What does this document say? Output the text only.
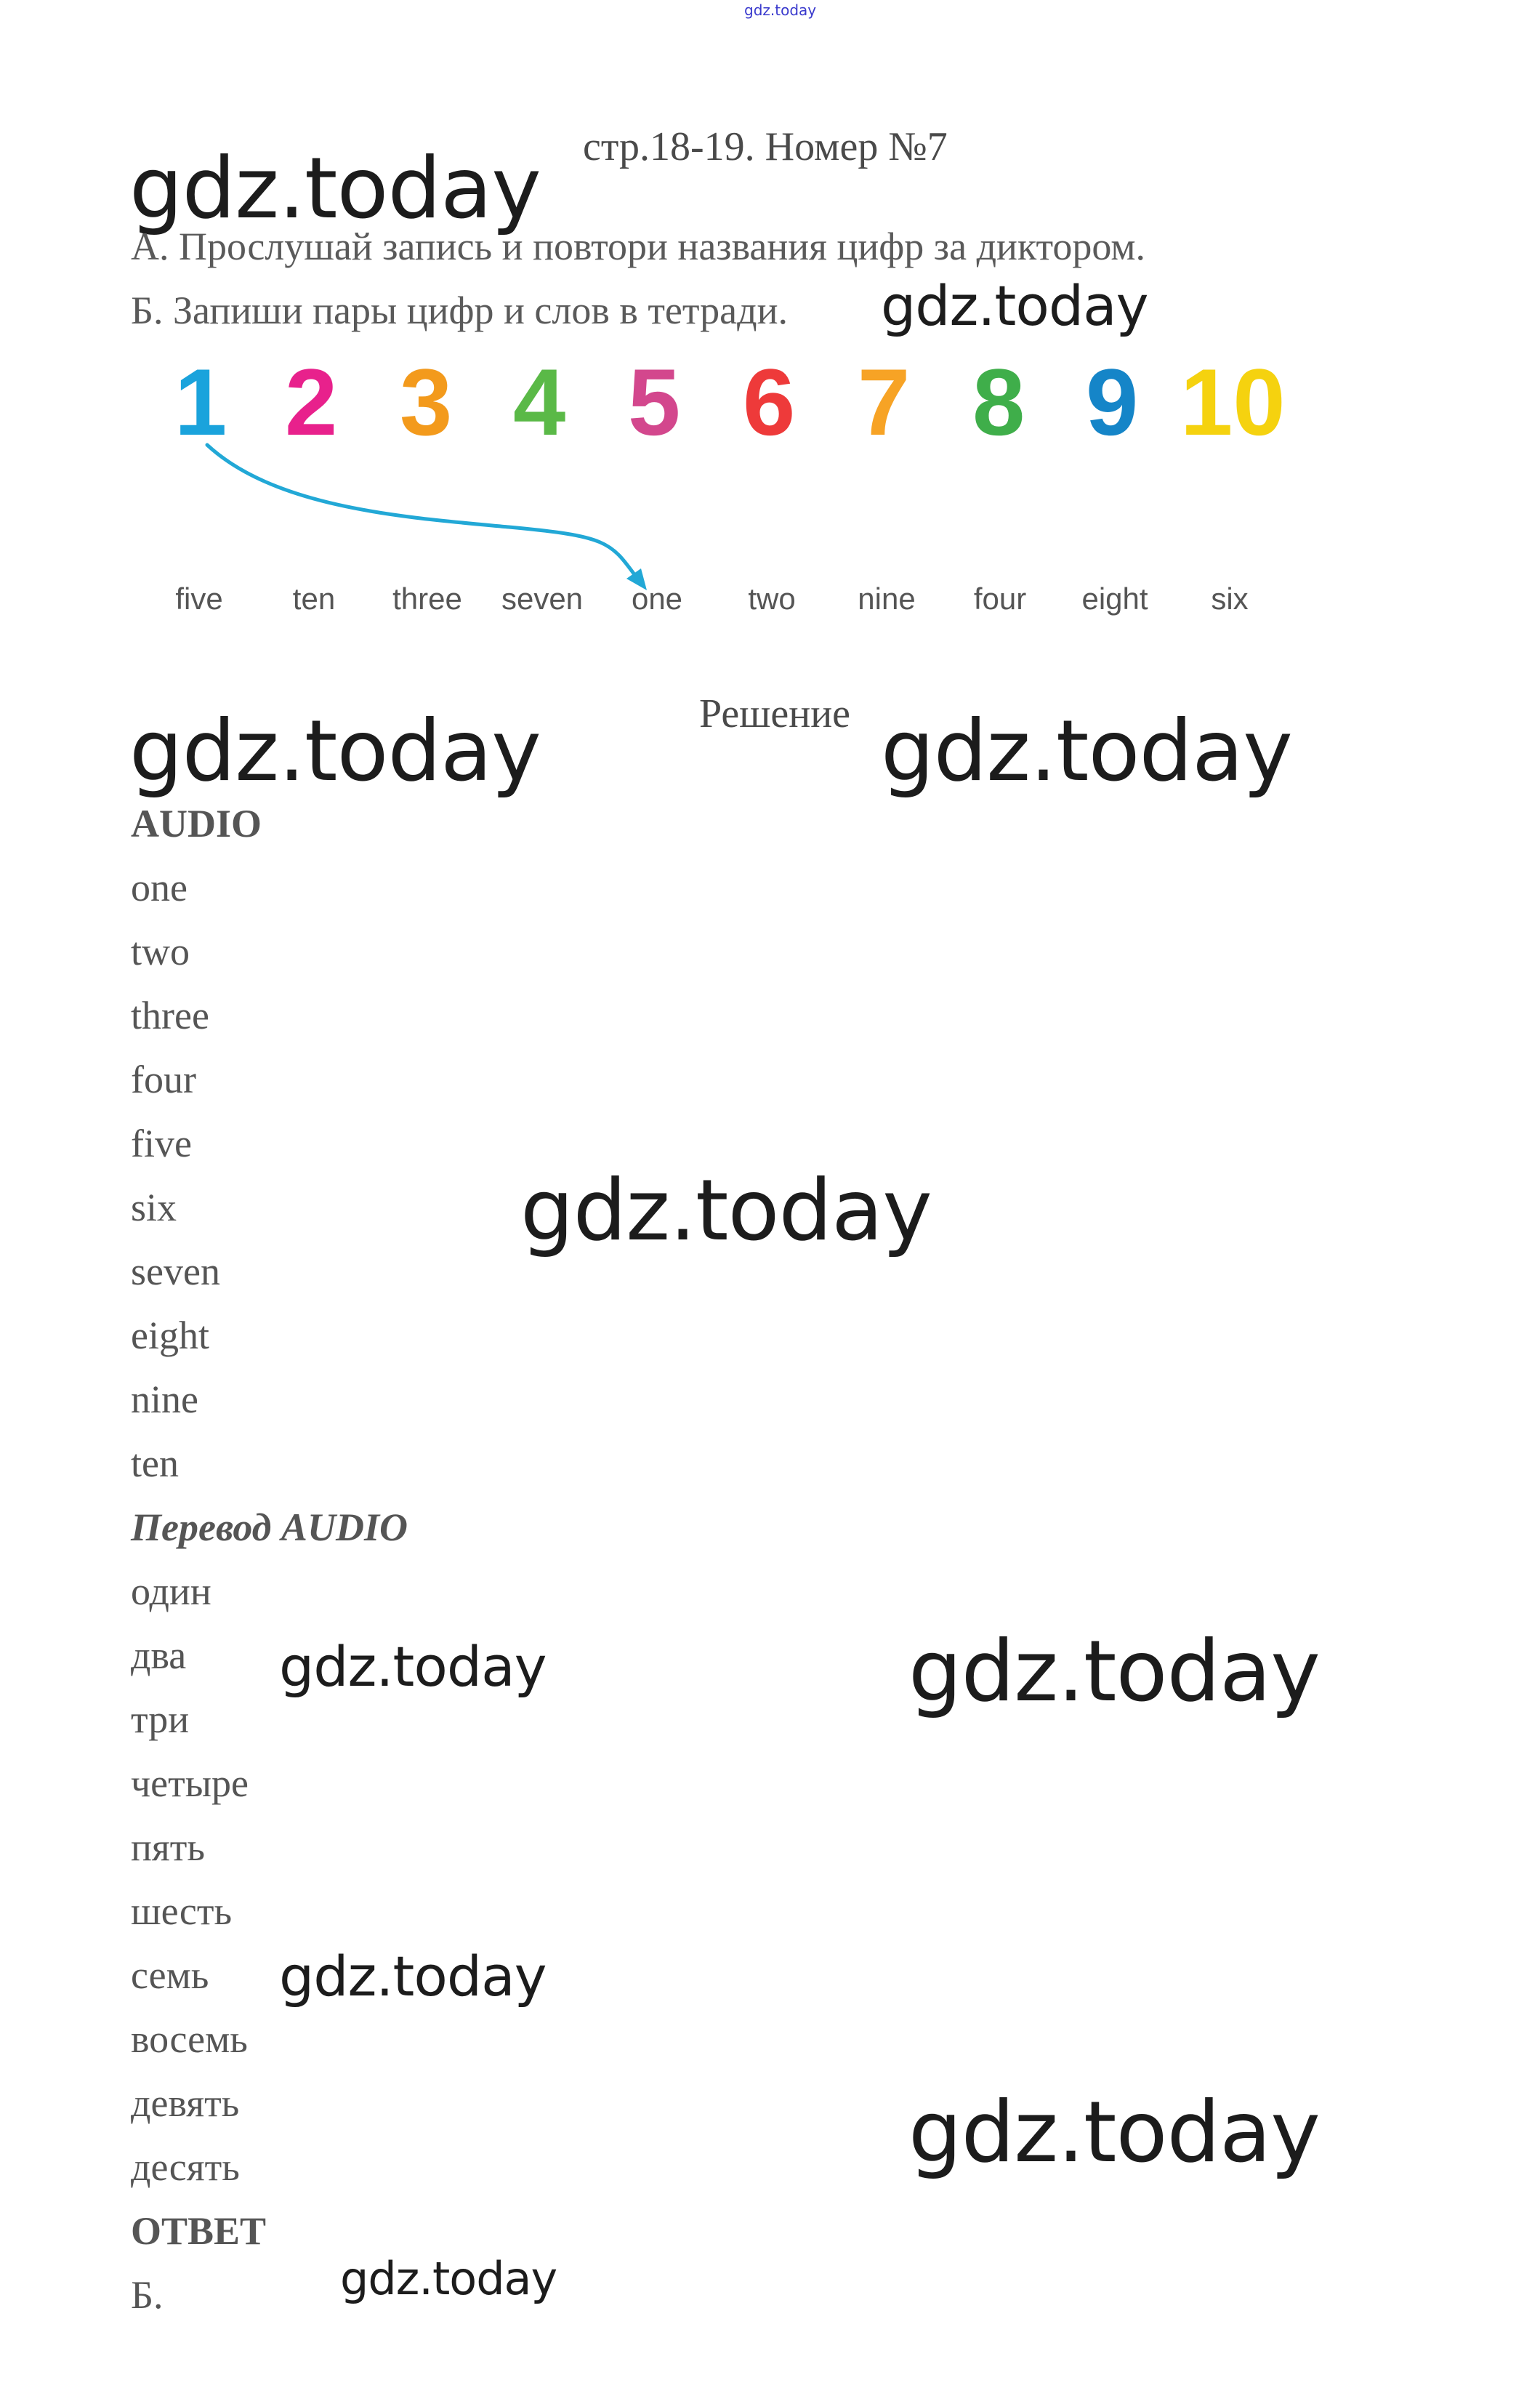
gdz.today
стр.18-19. Номер №7
gdz.today
gdz.today
gdz.today	gdz.today
gdz.today
gdz.today	gdz.today
gdz.today
gdz.today
gdz.today
А. Прослушай запись и повтори названия цифр за диктором.
Б. Запиши пары цифр и слов в тетради.
1 2 3 4 5 6 7 8 9 10
five ten three seven one two nine four eight six
Решение
AUDIO
one
two
three
four
five
six
seven
eight
nine
ten
Перевод AUDIO
один
два
три
четыре
пять
шесть
семь
восемь
девять
десять
ОТВЕТ
Б.
